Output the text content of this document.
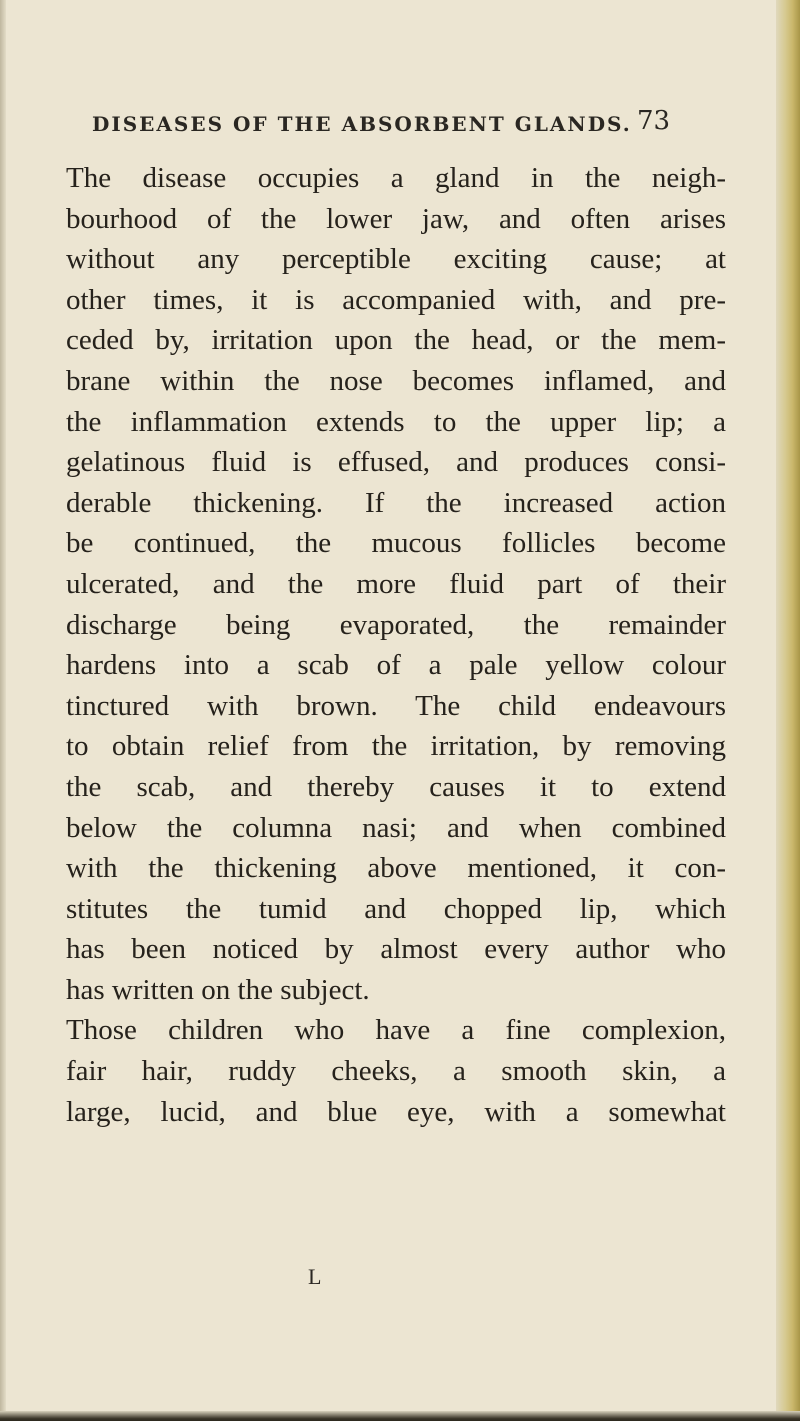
DISEASES OF THE ABSORBENT GLANDS. 73
The disease occupies a gland in the neigh-
bourhood of the lower jaw, and often arises
without any perceptible exciting cause; at
other times, it is accompanied with, and pre-
ceded by, irritation upon the head, or the mem-
brane within the nose becomes inflamed, and
the inflammation extends to the upper lip; a
gelatinous fluid is effused, and produces consi-
derable thickening. If the increased action
be continued, the mucous follicles become
ulcerated, and the more fluid part of their
discharge being evaporated, the remainder
hardens into a scab of a pale yellow colour
tinctured with brown. The child endeavours
to obtain relief from the irritation, by removing
the scab, and thereby causes it to extend
below the columna nasi; and when combined
with the thickening above mentioned, it con-
stitutes the tumid and chopped lip, which
has been noticed by almost every author who
has written on the subject.
Those children who have a fine complexion,
fair hair, ruddy cheeks, a smooth skin, a
large, lucid, and blue eye, with a somewhat
L
